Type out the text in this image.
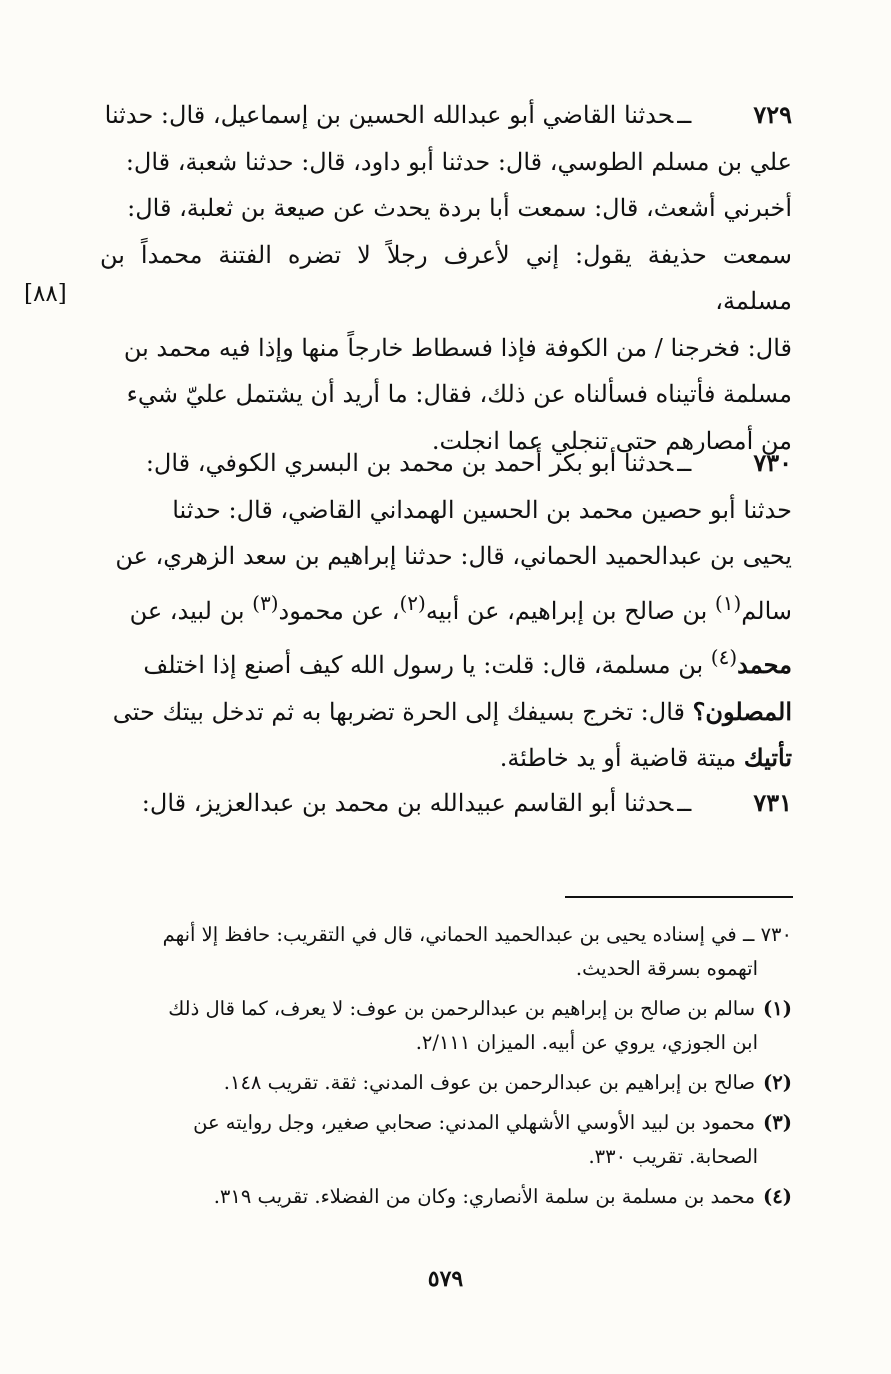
٧٢٩ــحدثنا القاضي أبو عبدالله الحسين بن إسماعيل، قال: حدثنا

علي بن مسلم الطوسي، قال: حدثنا أبو داود، قال: حدثنا شعبة، قال:

أخبرني أشعث، قال: سمعت أبا بردة يحدث عن صيعة بن ثعلبة، قال:

سمعت حذيفة يقول: إني لأعرف رجلاً لا تضره الفتنة محمداً بن مسلمة،

قال: فخرجنا / من الكوفة فإذا فسطاط خارجاً منها وإذا فيه محمد بن

مسلمة فأتيناه فسألناه عن ذلك، فقال: ما أريد أن يشتمل عليّ شيء

من أمصارهم حتى تنجلي عما انجلت.

[٨٨]

٧٣٠ــحدثنا أبو بكر أحمد بن محمد بن البسري الكوفي، قال:

حدثنا أبو حصين محمد بن الحسين الهمداني القاضي، قال: حدثنا

يحيى بن عبدالحميد الحماني، قال: حدثنا إبراهيم بن سعد الزهري، عن

سالم$^{(١)}$ بن صالح بن إبراهيم، عن أبيه$^{(٢)}$، عن محمود$^{(٣)}$ بن لبيد، عن

محمد$^{(٤)}$ بن مسلمة، قال: قلت: يا رسول الله كيف أصنع إذا اختلف

المصلون؟ قال: تخرج بسيفك إلى الحرة تضربها به ثم تدخل بيتك حتى

تأتيك ميتة قاضية أو يد خاطئة.

٧٣١ــحدثنا أبو القاسم عبيدالله بن محمد بن عبدالعزيز، قال:

٧٣٠ ــ في إسناده يحيى بن عبدالحميد الحماني، قال في التقريب: حافظ إلا أنهم
اتهموه بسرقة الحديث.
(١)سالم بن صالح بن إبراهيم بن عبدالرحمن بن عوف: لا يعرف، كما قال ذلك
ابن الجوزي، يروي عن أبيه. الميزان ٢/١١١.
(٢)صالح بن إبراهيم بن عبدالرحمن بن عوف المدني: ثقة. تقريب ١٤٨.
(٣)محمود بن لبيد الأوسي الأشهلي المدني: صحابي صغير، وجل روايته عن
الصحابة. تقريب ٣٣٠.
(٤)محمد بن مسلمة بن سلمة الأنصاري: وكان من الفضلاء. تقريب ٣١٩.
٥٧٩
